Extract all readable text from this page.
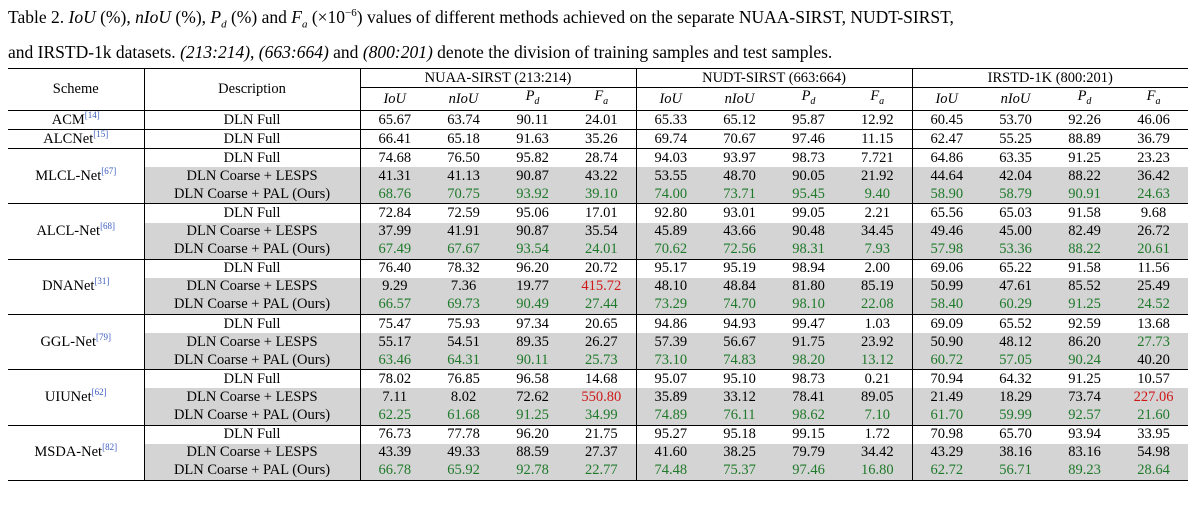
Table 2. IoU (%), nIoU (%), $P_d$ (%) and $F_a$ $(\times 10^{-6})$ values of different methods achieved on the separate NUAA-SIRST, NUDT-SIRST,
and IRSTD-1k datasets. (213:214), (663:664) and (800:201) denote the division of training samples and test samples.
Scheme	Description	NUAA-SIRST (213:214)				NUDT-SIRST (663:664)				IRSTD-1K (800:201)			
		IoU	nIoU	$P_d$	$F_a$	IoU	nIoU	$P_d$	$F_a$	IoU	nIoU	$P_d$	$F_a$
ACM[14]	DLN Full	65.67	63.74	90.11	24.01	65.33	65.12	95.87	12.92	60.45	53.70	92.26	46.06
ALCNet[15]	DLN Full	66.41	65.18	91.63	35.26	69.74	70.67	97.46	11.15	62.47	55.25	88.89	36.79
MLCL-Net[67]	DLN Full	74.68	76.50	95.82	28.74	94.03	93.97	98.73	7.721	64.86	63.35	91.25	23.23
	DLN Coarse + LESPS	41.31	41.13	90.87	43.22	53.55	48.70	90.05	21.92	44.64	42.04	88.22	36.42
	DLN Coarse + PAL (Ours)	68.76	70.75	93.92	39.10	74.00	73.71	95.45	9.40	58.90	58.79	90.91	24.63
ALCL-Net[68]	DLN Full	72.84	72.59	95.06	17.01	92.80	93.01	99.05	2.21	65.56	65.03	91.58	9.68
	DLN Coarse + LESPS	37.99	41.91	90.87	35.54	45.89	43.66	90.48	34.45	49.46	45.00	82.49	26.72
	DLN Coarse + PAL (Ours)	67.49	67.67	93.54	24.01	70.62	72.56	98.31	7.93	57.98	53.36	88.22	20.61
DNANet[31]	DLN Full	76.40	78.32	96.20	20.72	95.17	95.19	98.94	2.00	69.06	65.22	91.58	11.56
	DLN Coarse + LESPS	9.29	7.36	19.77	415.72	48.10	48.84	81.80	85.19	50.99	47.61	85.52	25.49
	DLN Coarse + PAL (Ours)	66.57	69.73	90.49	27.44	73.29	74.70	98.10	22.08	58.40	60.29	91.25	24.52
GGL-Net[79]	DLN Full	75.47	75.93	97.34	20.65	94.86	94.93	99.47	1.03	69.09	65.52	92.59	13.68
	DLN Coarse + LESPS	55.17	54.51	89.35	26.27	57.39	56.67	91.75	23.92	50.90	48.12	86.20	27.73
	DLN Coarse + PAL (Ours)	63.46	64.31	90.11	25.73	73.10	74.83	98.20	13.12	60.72	57.05	90.24	40.20
UIUNet[62]	DLN Full	78.02	76.85	96.58	14.68	95.07	95.10	98.73	0.21	70.94	64.32	91.25	10.57
	DLN Coarse + LESPS	7.11	8.02	72.62	550.80	35.89	33.12	78.41	89.05	21.49	18.29	73.74	227.06
	DLN Coarse + PAL (Ours)	62.25	61.68	91.25	34.99	74.89	76.11	98.62	7.10	61.70	59.99	92.57	21.60
MSDA-Net[82]	DLN Full	76.73	77.78	96.20	21.75	95.27	95.18	99.15	1.72	70.98	65.70	93.94	33.95
	DLN Coarse + LESPS	43.39	49.33	88.59	27.37	41.60	38.25	79.79	34.42	43.29	38.16	83.16	54.98
	DLN Coarse + PAL (Ours)	66.78	65.92	92.78	22.77	74.48	75.37	97.46	16.80	62.72	56.71	89.23	28.64
